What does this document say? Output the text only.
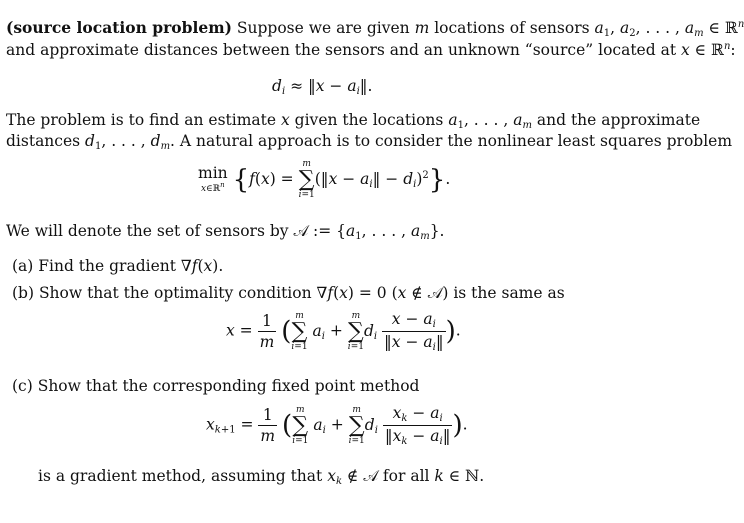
(source location problem) Suppose we are given m locations of sensors $a_1$, $a_2$, . . . , $a_m$ ∈ ℝ$^n$
and approximate distances between the sensors and an unknown “source” located at x ∈ ℝ$^n$:
$d_i$ ≈ ‖x − $a_i‖$.
The problem is to find an estimate x given the locations $a_1$, . . . , $a_m$ and the approximate
distances $d_1$, . . . , $d_m$. A natural approach is to consider the nonlinear least squares problem
min
x∈ℝ$^n$ {f(x) =
m
∑
i=1
(‖x − $a_i‖ - d_i)^2$}.
We will denote the set of sensors by 𝒜 := {$a_1$, . . . , $a_m$}.
(a) Find the gradient ∇f(x).
(b) Show that the optimality condition ∇f(x) = 0 (x ∉ 𝒜) is the same as
$x = \frac{1}{m}$ (
m
∑
i=1
$a_i$ +
m
∑
i=1
$d_i \frac{x - a_i}{‖x - a_i‖}$ ).
(c) Show that the corresponding fixed point method
$x_{k+1} = \frac{1}{m}$ (
m
∑
i=1
$a_i$ +
m
∑
i=1
$d_i \frac{x_k - a_i}{‖x_k - a_i‖}$ ).
is a gradient method, assuming that $x_k$ ∉ 𝒜 for all k ∈ ℕ.
